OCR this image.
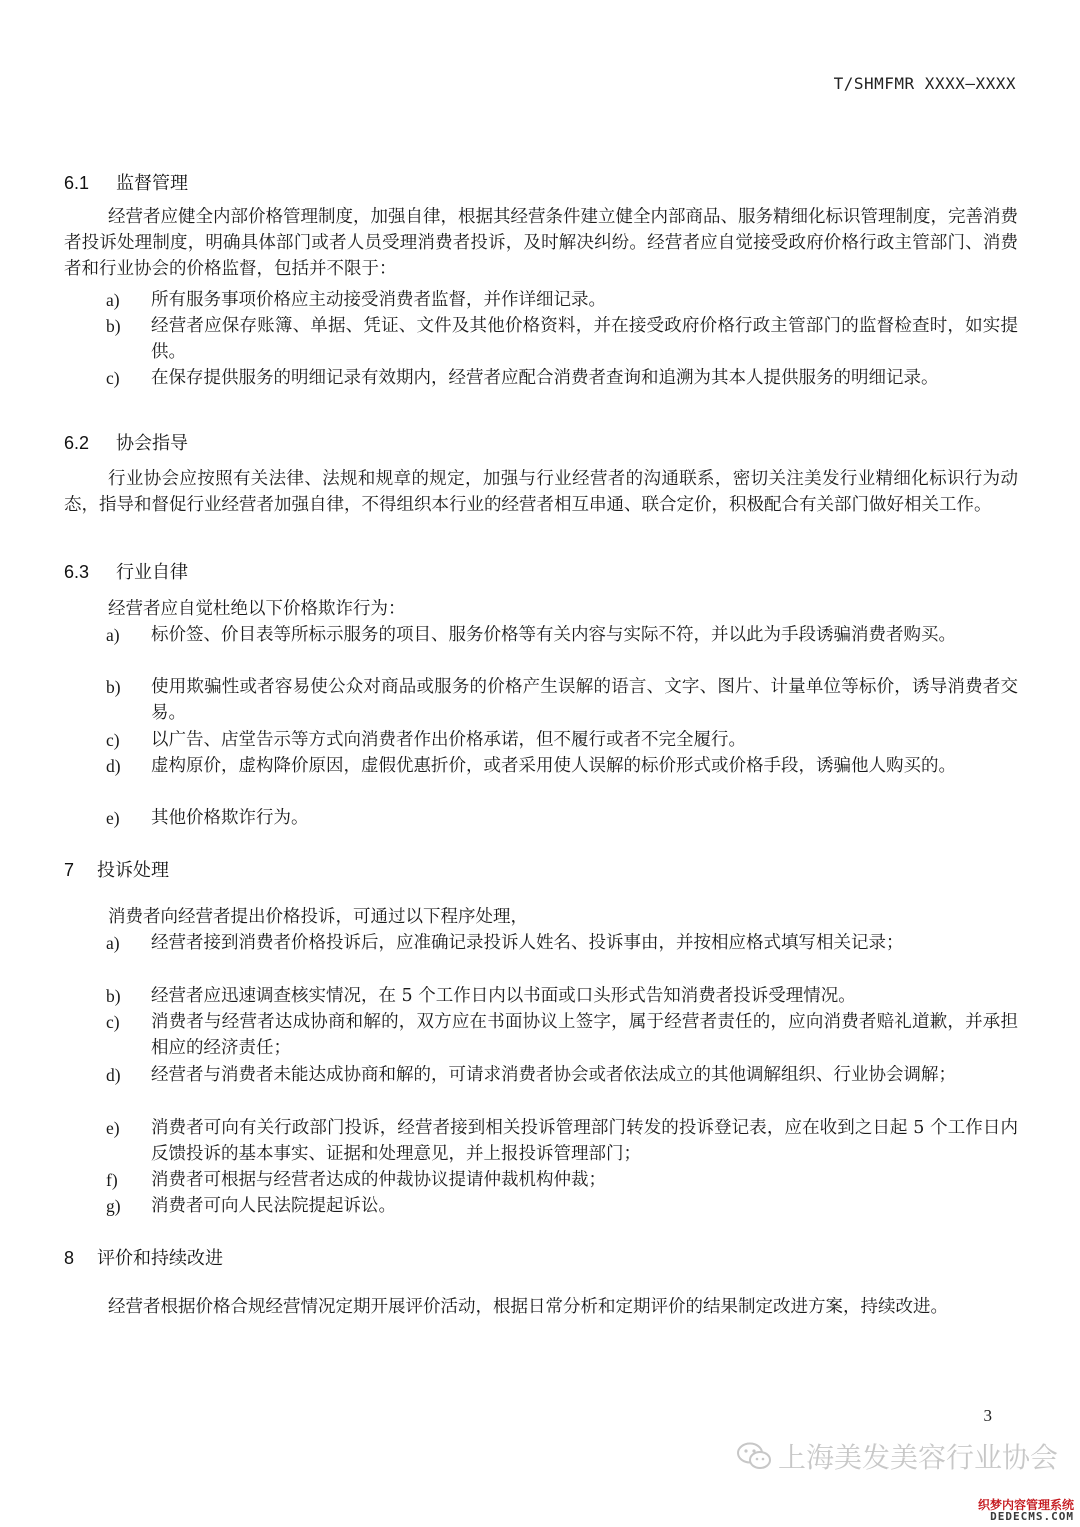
T/SHMFMR XXXX—XXXX
6.1 监督管理
经营者应健全内部价格管理制度，加强自律，根据其经营条件建立健全内部商品、服务精细化标识管理制度，完善消费者投诉处理制度，明确具体部门或者人员受理消费者投诉，及时解决纠纷。经营者应自觉接受政府价格行政主管部门、消费者和行业协会的价格监督，包括并不限于：
a) 所有服务事项价格应主动接受消费者监督，并作详细记录。
b) 经营者应保存账簿、单据、凭证、文件及其他价格资料，并在接受政府价格行政主管部门的监督检查时，如实提供。
c) 在保存提供服务的明细记录有效期内，经营者应配合消费者查询和追溯为其本人提供服务的明细记录。
6.2 协会指导
行业协会应按照有关法律、法规和规章的规定，加强与行业经营者的沟通联系，密切关注美发行业精细化标识行为动态，指导和督促行业经营者加强自律，不得组织本行业的经营者相互串通、联合定价，积极配合有关部门做好相关工作。
6.3 行业自律
经营者应自觉杜绝以下价格欺诈行为：
a) 标价签、价目表等所标示服务的项目、服务价格等有关内容与实际不符，并以此为手段诱骗消费者购买。
b) 使用欺骗性或者容易使公众对商品或服务的价格产生误解的语言、文字、图片、计量单位等标价，诱导消费者交易。
c) 以广告、店堂告示等方式向消费者作出价格承诺，但不履行或者不完全履行。
d) 虚构原价，虚构降价原因，虚假优惠折价，或者采用使人误解的标价形式或价格手段，诱骗他人购买的。
e) 其他价格欺诈行为。
7 投诉处理
消费者向经营者提出价格投诉，可通过以下程序处理，
a) 经营者接到消费者价格投诉后，应准确记录投诉人姓名、投诉事由，并按相应格式填写相关记录；
b) 经营者应迅速调查核实情况，在 5 个工作日内以书面或口头形式告知消费者投诉受理情况。
c) 消费者与经营者达成协商和解的，双方应在书面协议上签字，属于经营者责任的，应向消费者赔礼道歉，并承担相应的经济责任；
d) 经营者与消费者未能达成协商和解的，可请求消费者协会或者依法成立的其他调解组织、行业协会调解；
e) 消费者可向有关行政部门投诉，经营者接到相关投诉管理部门转发的投诉登记表，应在收到之日起 5 个工作日内反馈投诉的基本事实、证据和处理意见，并上报投诉管理部门；
f) 消费者可根据与经营者达成的仲裁协议提请仲裁机构仲裁；
g) 消费者可向人民法院提起诉讼。
8 评价和持续改进
经营者根据价格合规经营情况定期开展评价活动，根据日常分析和定期评价的结果制定改进方案，持续改进。
3
上海美发美容行业协会
织梦内容管理系统
DEDECMS.COM
